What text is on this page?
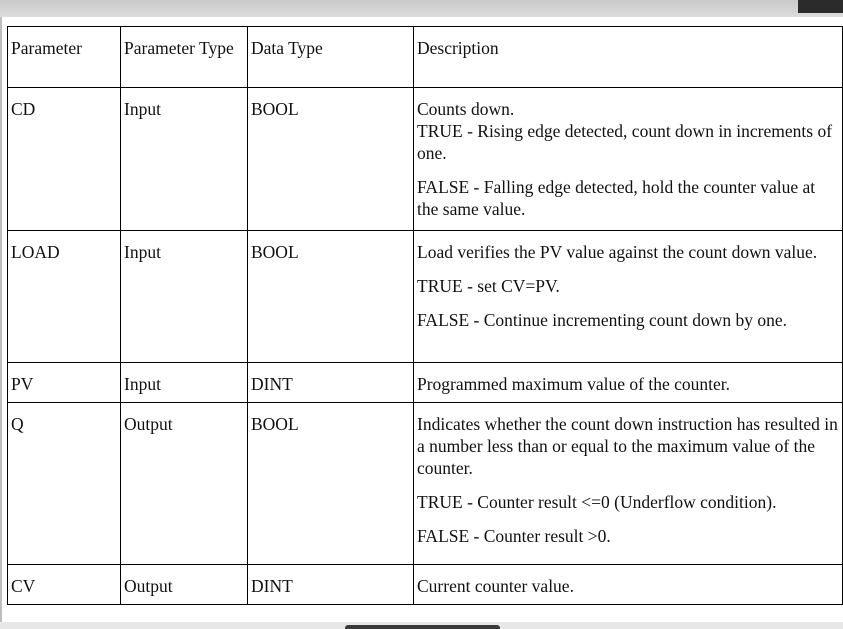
Parameter	Parameter Type	Data Type	Description
CD	Input	BOOL	Counts down.
TRUE - Rising edge detected, count down in increments of one.
FALSE - Falling edge detected, hold the counter value at the same value.

LOAD	Input	BOOL	Load verifies the PV value against the count down value.
TRUE - set CV=PV.
FALSE - Continue incrementing count down by one.

PV	Input	DINT	Programmed maximum value of the counter.

Q	Output	BOOL	Indicates whether the count down instruction has resulted in a number less than or equal to the maximum value of the counter.
TRUE - Counter result <=0 (Underflow condition).
FALSE - Counter result >0.

CV	Output	DINT	Current counter value.
